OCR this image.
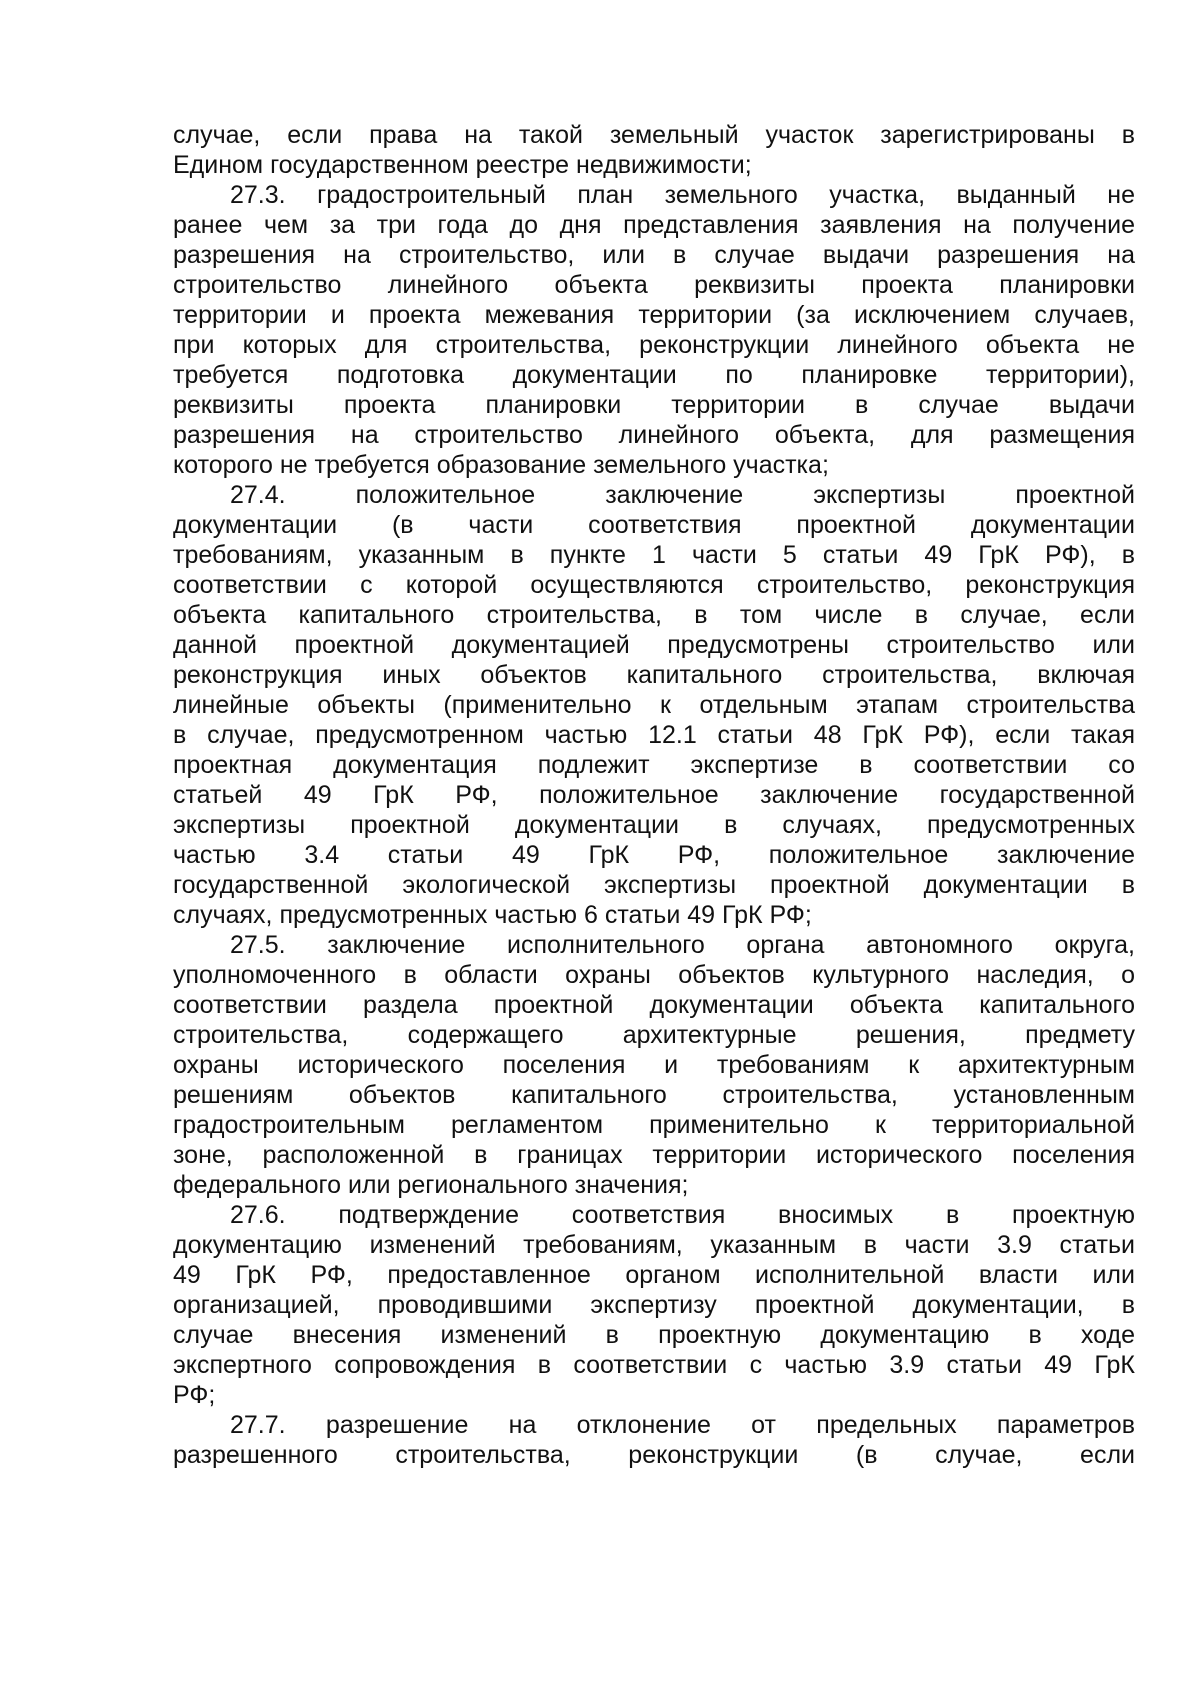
случае, если права на такой земельный участок зарегистрированы в
Едином государственном реестре недвижимости;
27.3. градостроительный план земельного участка, выданный не
ранее чем за три года до дня представления заявления на получение
разрешения на строительство, или в случае выдачи разрешения на
строительство линейного объекта реквизиты проекта планировки
территории и проекта межевания территории (за исключением случаев,
при которых для строительства, реконструкции линейного объекта не
требуется подготовка документации по планировке территории),
реквизиты проекта планировки территории в случае выдачи
разрешения на строительство линейного объекта, для размещения
которого не требуется образование земельного участка;
27.4. положительное заключение экспертизы проектной
документации (в части соответствия проектной документации
требованиям, указанным в пункте 1 части 5 статьи 49 ГрК РФ), в
соответствии с которой осуществляются строительство, реконструкция
объекта капитального строительства, в том числе в случае, если
данной проектной документацией предусмотрены строительство или
реконструкция иных объектов капитального строительства, включая
линейные объекты (применительно к отдельным этапам строительства
в случае, предусмотренном частью 12.1 статьи 48 ГрК РФ), если такая
проектная документация подлежит экспертизе в соответствии со
статьей 49 ГрК РФ, положительное заключение государственной
экспертизы проектной документации в случаях, предусмотренных
частью 3.4 статьи 49 ГрК РФ, положительное заключение
государственной экологической экспертизы проектной документации в
случаях, предусмотренных частью 6 статьи 49 ГрК РФ;
27.5. заключение исполнительного органа автономного округа,
уполномоченного в области охраны объектов культурного наследия, о
соответствии раздела проектной документации объекта капитального
строительства, содержащего архитектурные решения, предмету
охраны исторического поселения и требованиям к архитектурным
решениям объектов капитального строительства, установленным
градостроительным регламентом применительно к территориальной
зоне, расположенной в границах территории исторического поселения
федерального или регионального значения;
27.6. подтверждение соответствия вносимых в проектную
документацию изменений требованиям, указанным в части 3.9 статьи
49 ГрК РФ, предоставленное органом исполнительной власти или
организацией, проводившими экспертизу проектной документации, в
случае внесения изменений в проектную документацию в ходе
экспертного сопровождения в соответствии с частью 3.9 статьи 49 ГрК
РФ;
27.7. разрешение на отклонение от предельных параметров
разрешенного строительства, реконструкции (в случае, если
